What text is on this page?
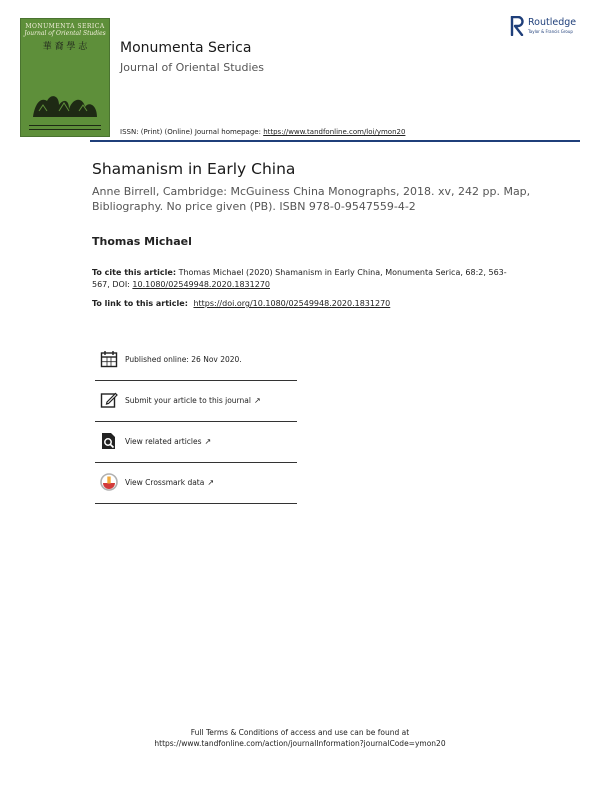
MONUMENTA SERICA
Journal of Oriental Studies
華 裔 學 志	Monumenta Serica
Journal of Oriental Studies
ISSN: (Print) (Online) Journal homepage: https://www.tandfonline.com/loi/ymon20
Routledge
Taylor & Francis Group
Shamanism in Early China
Anne Birrell, Cambridge: McGuiness China Monographs, 2018. xv, 242 pp. Map, Bibliography. No price given (PB). ISBN 978-0-9547559-4-2
Thomas Michael
To cite this article: Thomas Michael (2020) Shamanism in Early China, Monumenta Serica, 68:2, 563-567, DOI: 10.1080/02549948.2020.1831270
To link to this article: https://doi.org/10.1080/02549948.2020.1831270
Published online: 26 Nov 2020.
Submit your article to this journal ↗
View related articles ↗
View Crossmark data ↗
Full Terms & Conditions of access and use can be found at
https://www.tandfonline.com/action/journalInformation?journalCode=ymon20
